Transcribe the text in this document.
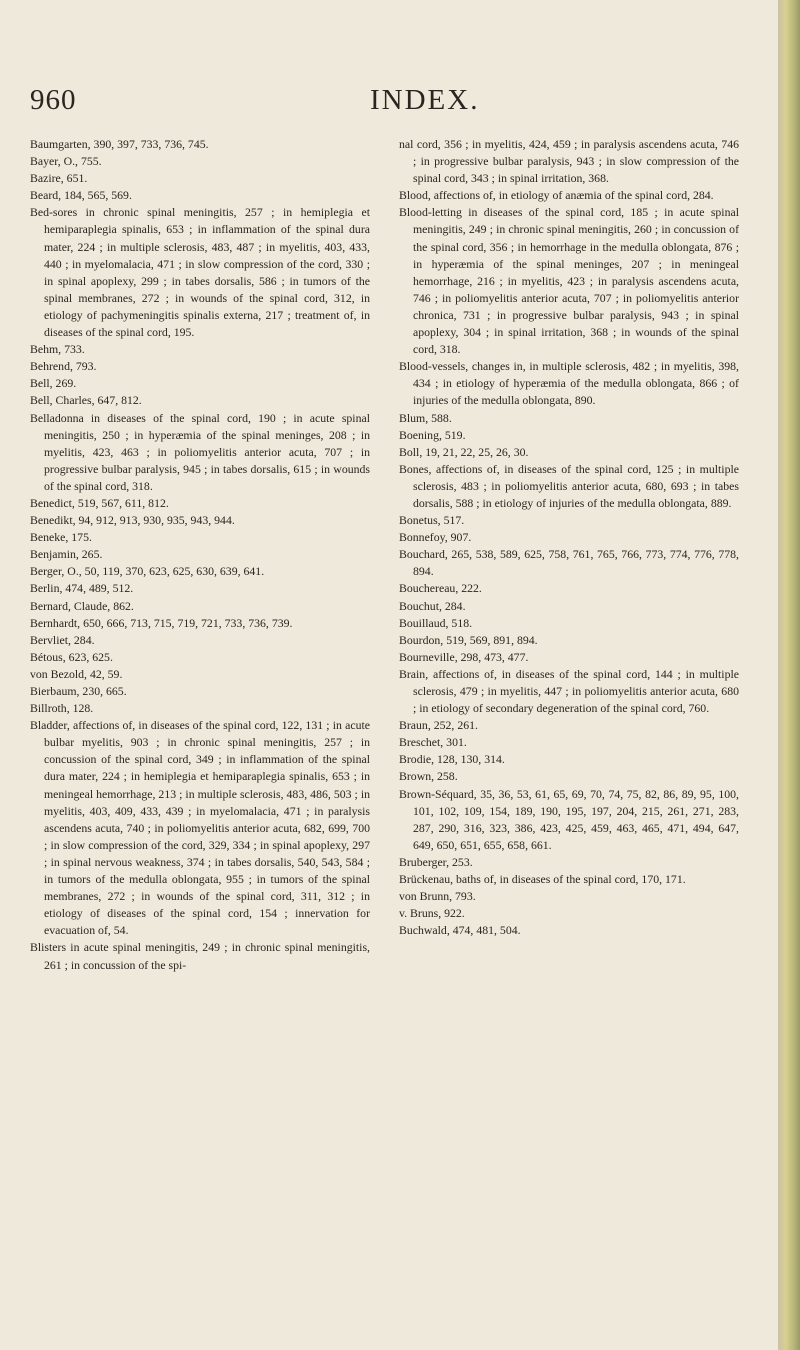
960	INDEX.

Baumgarten, 390, 397, 733, 736, 745.

Bayer, O., 755.

Bazire, 651.

Beard, 184, 565, 569.

Bed-sores in chronic spinal meningitis, 257 ; in hemiplegia et hemiparaplegia spinalis, 653 ; in inflammation of the spinal dura mater, 224 ; in multiple sclerosis, 483, 487 ; in myelitis, 403, 433, 440 ; in myelomalacia, 471 ; in slow compression of the cord, 330 ; in spinal apoplexy, 299 ; in tabes dorsalis, 586 ; in tumors of the spinal membranes, 272 ; in wounds of the spinal cord, 312, in etiology of pachymeningitis spinalis externa, 217 ; treatment of, in diseases of the spinal cord, 195.

Behm, 733.

Behrend, 793.

Bell, 269.

Bell, Charles, 647, 812.

Belladonna in diseases of the spinal cord, 190 ; in acute spinal meningitis, 250 ; in hyperæmia of the spinal meninges, 208 ; in myelitis, 423, 463 ; in poliomyelitis anterior acuta, 707 ; in progressive bulbar paralysis, 945 ; in tabes dorsalis, 615 ; in wounds of the spinal cord, 318.

Benedict, 519, 567, 611, 812.

Benedikt, 94, 912, 913, 930, 935, 943, 944.

Beneke, 175.

Benjamin, 265.

Berger, O., 50, 119, 370, 623, 625, 630, 639, 641.

Berlin, 474, 489, 512.

Bernard, Claude, 862.

Bernhardt, 650, 666, 713, 715, 719, 721, 733, 736, 739.

Bervliet, 284.

Bétous, 623, 625.

von Bezold, 42, 59.

Bierbaum, 230, 665.

Billroth, 128.

Bladder, affections of, in diseases of the spinal cord, 122, 131 ; in acute bulbar myelitis, 903 ; in chronic spinal meningitis, 257 ; in concussion of the spinal cord, 349 ; in inflammation of the spinal dura mater, 224 ; in hemiplegia et hemiparaplegia spinalis, 653 ; in meningeal hemorrhage, 213 ; in multiple sclerosis, 483, 486, 503 ; in myelitis, 403, 409, 433, 439 ; in myelomalacia, 471 ; in paralysis ascendens acuta, 740 ; in poliomyelitis anterior acuta, 682, 699, 700 ; in slow compression of the cord, 329, 334 ; in spinal apoplexy, 297 ; in spinal nervous weakness, 374 ; in tabes dorsalis, 540, 543, 584 ; in tumors of the medulla oblongata, 955 ; in tumors of the spinal membranes, 272 ; in wounds of the spinal cord, 311, 312 ; in etiology of diseases of the spinal cord, 154 ; innervation for evacuation of, 54.

Blisters in acute spinal meningitis, 249 ; in chronic spinal meningitis, 261 ; in concussion of the spi-

nal cord, 356 ; in myelitis, 424, 459 ; in paralysis ascendens acuta, 746 ; in progressive bulbar paralysis, 943 ; in slow compression of the spinal cord, 343 ; in spinal irritation, 368.

Blood, affections of, in etiology of anæmia of the spinal cord, 284.

Blood-letting in diseases of the spinal cord, 185 ; in acute spinal meningitis, 249 ; in chronic spinal meningitis, 260 ; in concussion of the spinal cord, 356 ; in hemorrhage in the medulla oblongata, 876 ; in hyperæmia of the spinal meninges, 207 ; in meningeal hemorrhage, 216 ; in myelitis, 423 ; in paralysis ascendens acuta, 746 ; in poliomyelitis anterior acuta, 707 ; in poliomyelitis anterior chronica, 731 ; in progressive bulbar paralysis, 943 ; in spinal apoplexy, 304 ; in spinal irritation, 368 ; in wounds of the spinal cord, 318.

Blood-vessels, changes in, in multiple sclerosis, 482 ; in myelitis, 398, 434 ; in etiology of hyperæmia of the medulla oblongata, 866 ; of injuries of the medulla oblongata, 890.

Blum, 588.

Boening, 519.

Boll, 19, 21, 22, 25, 26, 30.

Bones, affections of, in diseases of the spinal cord, 125 ; in multiple sclerosis, 483 ; in poliomyelitis anterior acuta, 680, 693 ; in tabes dorsalis, 588 ; in etiology of injuries of the medulla oblongata, 889.

Bonetus, 517.

Bonnefoy, 907.

Bouchard, 265, 538, 589, 625, 758, 761, 765, 766, 773, 774, 776, 778, 894.

Bouchereau, 222.

Bouchut, 284.

Bouillaud, 518.

Bourdon, 519, 569, 891, 894.

Bourneville, 298, 473, 477.

Brain, affections of, in diseases of the spinal cord, 144 ; in multiple sclerosis, 479 ; in myelitis, 447 ; in poliomyelitis anterior acuta, 680 ; in etiology of secondary degeneration of the spinal cord, 760.

Braun, 252, 261.

Breschet, 301.

Brodie, 128, 130, 314.

Brown, 258.

Brown-Séquard, 35, 36, 53, 61, 65, 69, 70, 74, 75, 82, 86, 89, 95, 100, 101, 102, 109, 154, 189, 190, 195, 197, 204, 215, 261, 271, 283, 287, 290, 316, 323, 386, 423, 425, 459, 463, 465, 471, 494, 647, 649, 650, 651, 655, 658, 661.

Bruberger, 253.

Brückenau, baths of, in diseases of the spinal cord, 170, 171.

von Brunn, 793.

v. Bruns, 922.

Buchwald, 474, 481, 504.
